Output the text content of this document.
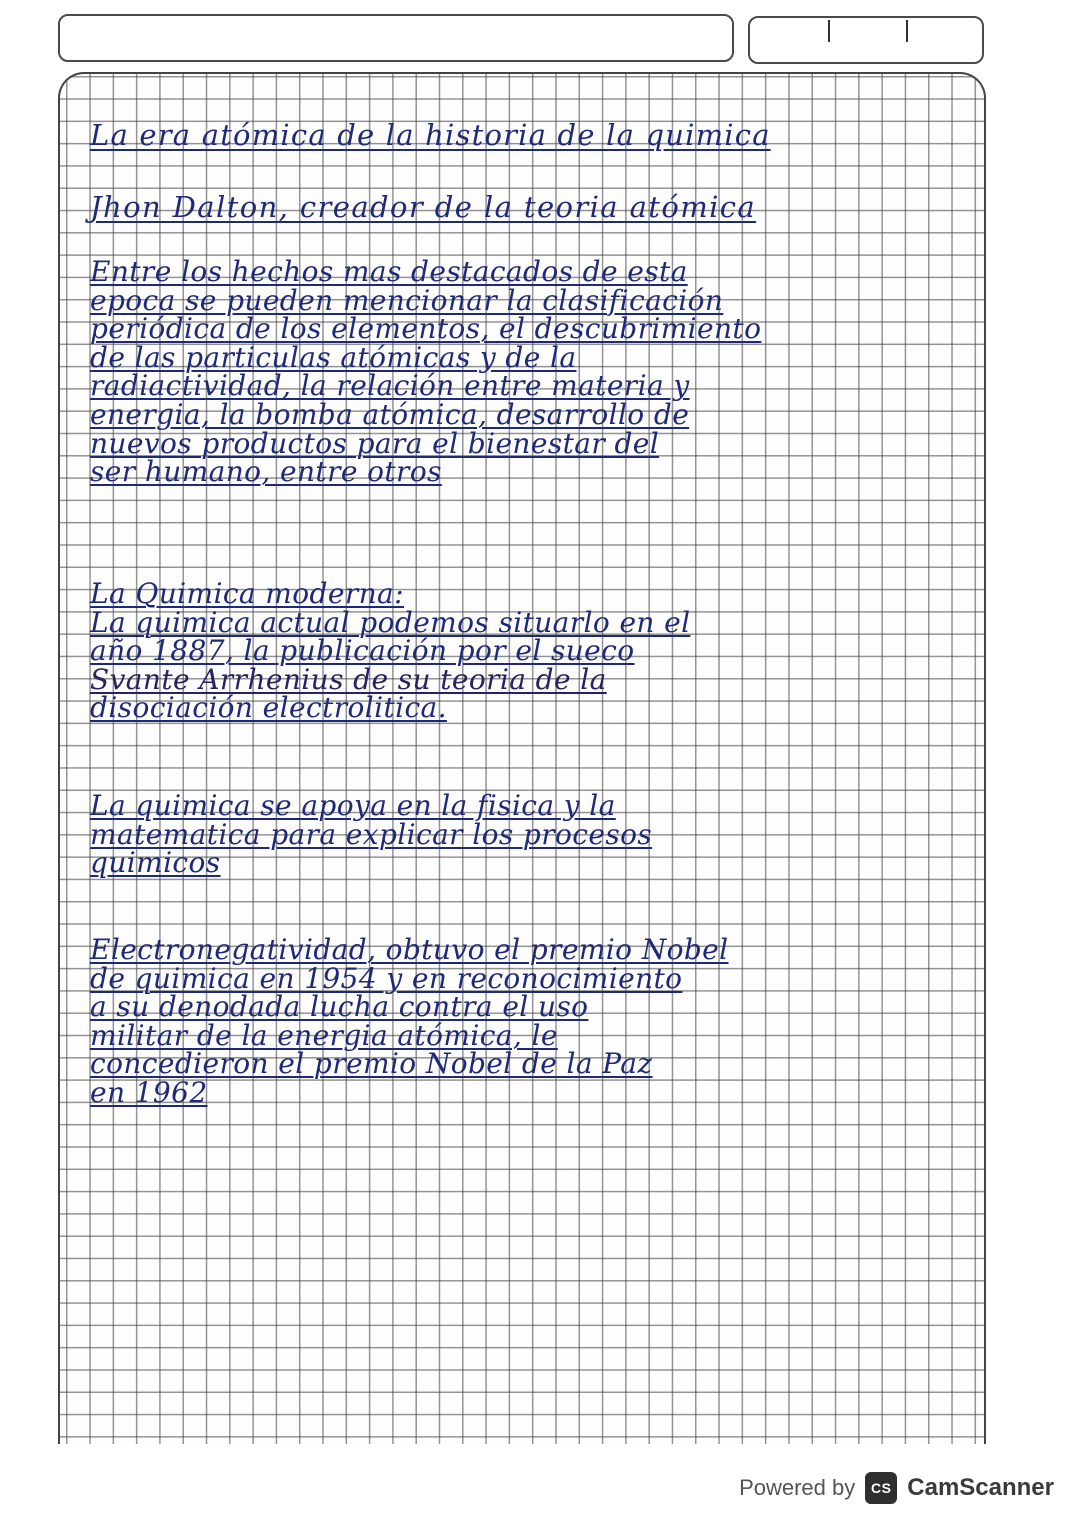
La era atómica de la historia de la quimica

Jhon Dalton, creador de la teoria atómica

Entre los hechos mas destacados de esta
epoca se pueden mencionar la clasificación
periódica de los elementos, el descubrimiento
de las particulas atómicas y de la
radiactividad, la relación entre materia y
energia, la bomba atómica, desarrollo de
nuevos productos para el bienestar del
ser humano, entre otros
La Quimica moderna:
La quimica actual podemos situarlo en el
año 1887, la publicación por el sueco
Svante Arrhenius de su teoria de la
disociación electrolitica.
La quimica se apoya en la fisica y la
matematica para explicar los procesos
quimicos
Electronegatividad, obtuvo el premio Nobel
de quimica en 1954 y en reconocimiento
a su denodada lucha contra el uso
militar de la energia atómica, le
concedieron el premio Nobel de la Paz
en 1962
Powered by	CS CamScanner
